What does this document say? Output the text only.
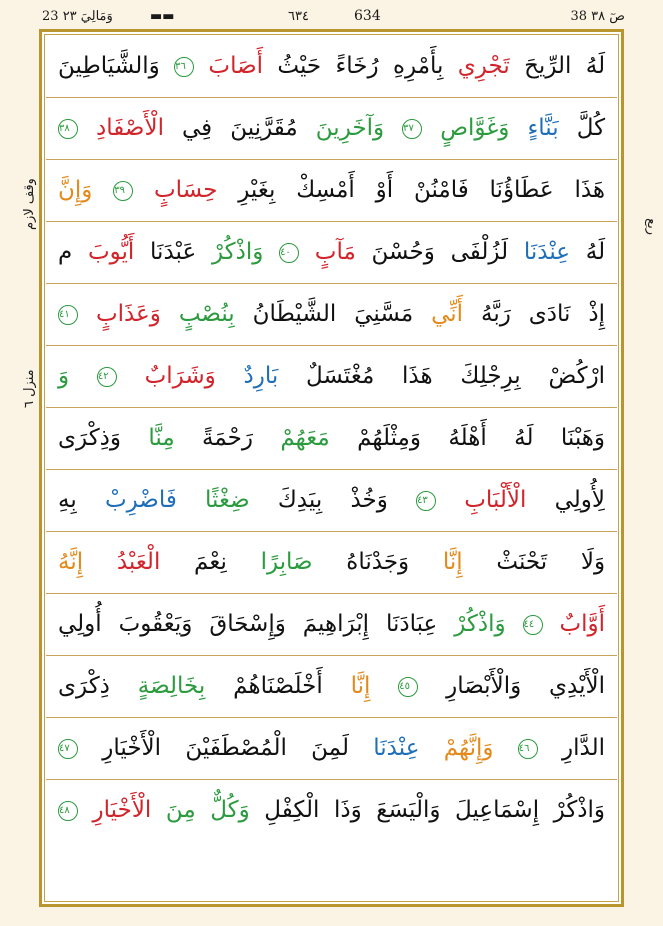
23 وَمَالِيَ ٢٣	▬▬	٦٣٤	634	38 صٓ ٣٨
ربع
وقف لازم
منزل ٦
لَهُ الرِّيحَ تَجْرِي بِأَمْرِهِ رُخَاءً حَيْثُ أَصَابَ ٣٦ وَالشَّيَاطِينَ
كُلَّ بَنَّاءٍ وَغَوَّاصٍ ٣٧ وَآخَرِينَ مُقَرَّنِينَ فِي الْأَصْفَادِ ٣٨
هَذَا عَطَاؤُنَا فَامْنُنْ أَوْ أَمْسِكْ بِغَيْرِ حِسَابٍ ٣٩ وَإِنَّ
لَهُ عِنْدَنَا لَزُلْفَى وَحُسْنَ مَآبٍ ٤٠ وَاذْكُرْ عَبْدَنَا أَيُّوبَ م
إِذْ نَادَى رَبَّهُ أَنِّي مَسَّنِيَ الشَّيْطَانُ بِنُصْبٍ وَعَذَابٍ ٤١
ارْكُضْ بِرِجْلِكَ هَذَا مُغْتَسَلٌ بَارِدٌ وَشَرَابٌ ٤٢ وَ
وَهَبْنَا لَهُ أَهْلَهُ وَمِثْلَهُمْ مَعَهُمْ رَحْمَةً مِنَّا وَذِكْرَى
لِأُولِي الْأَلْبَابِ ٤٣ وَخُذْ بِيَدِكَ ضِغْثًا فَاضْرِبْ بِهِ
وَلَا تَحْنَثْ إِنَّا وَجَدْنَاهُ صَابِرًا نِعْمَ الْعَبْدُ إِنَّهُ
أَوَّابٌ ٤٤ وَاذْكُرْ عِبَادَنَا إِبْرَاهِيمَ وَإِسْحَاقَ وَيَعْقُوبَ أُولِي
الْأَيْدِي وَالْأَبْصَارِ ٤٥ إِنَّا أَخْلَصْنَاهُمْ بِخَالِصَةٍ ذِكْرَى
الدَّارِ ٤٦ وَإِنَّهُمْ عِنْدَنَا لَمِنَ الْمُصْطَفَيْنَ الْأَخْيَارِ ٤٧
وَاذْكُرْ إِسْمَاعِيلَ وَالْيَسَعَ وَذَا الْكِفْلِ وَكُلٌّ مِنَ الْأَخْيَارِ ٤٨
